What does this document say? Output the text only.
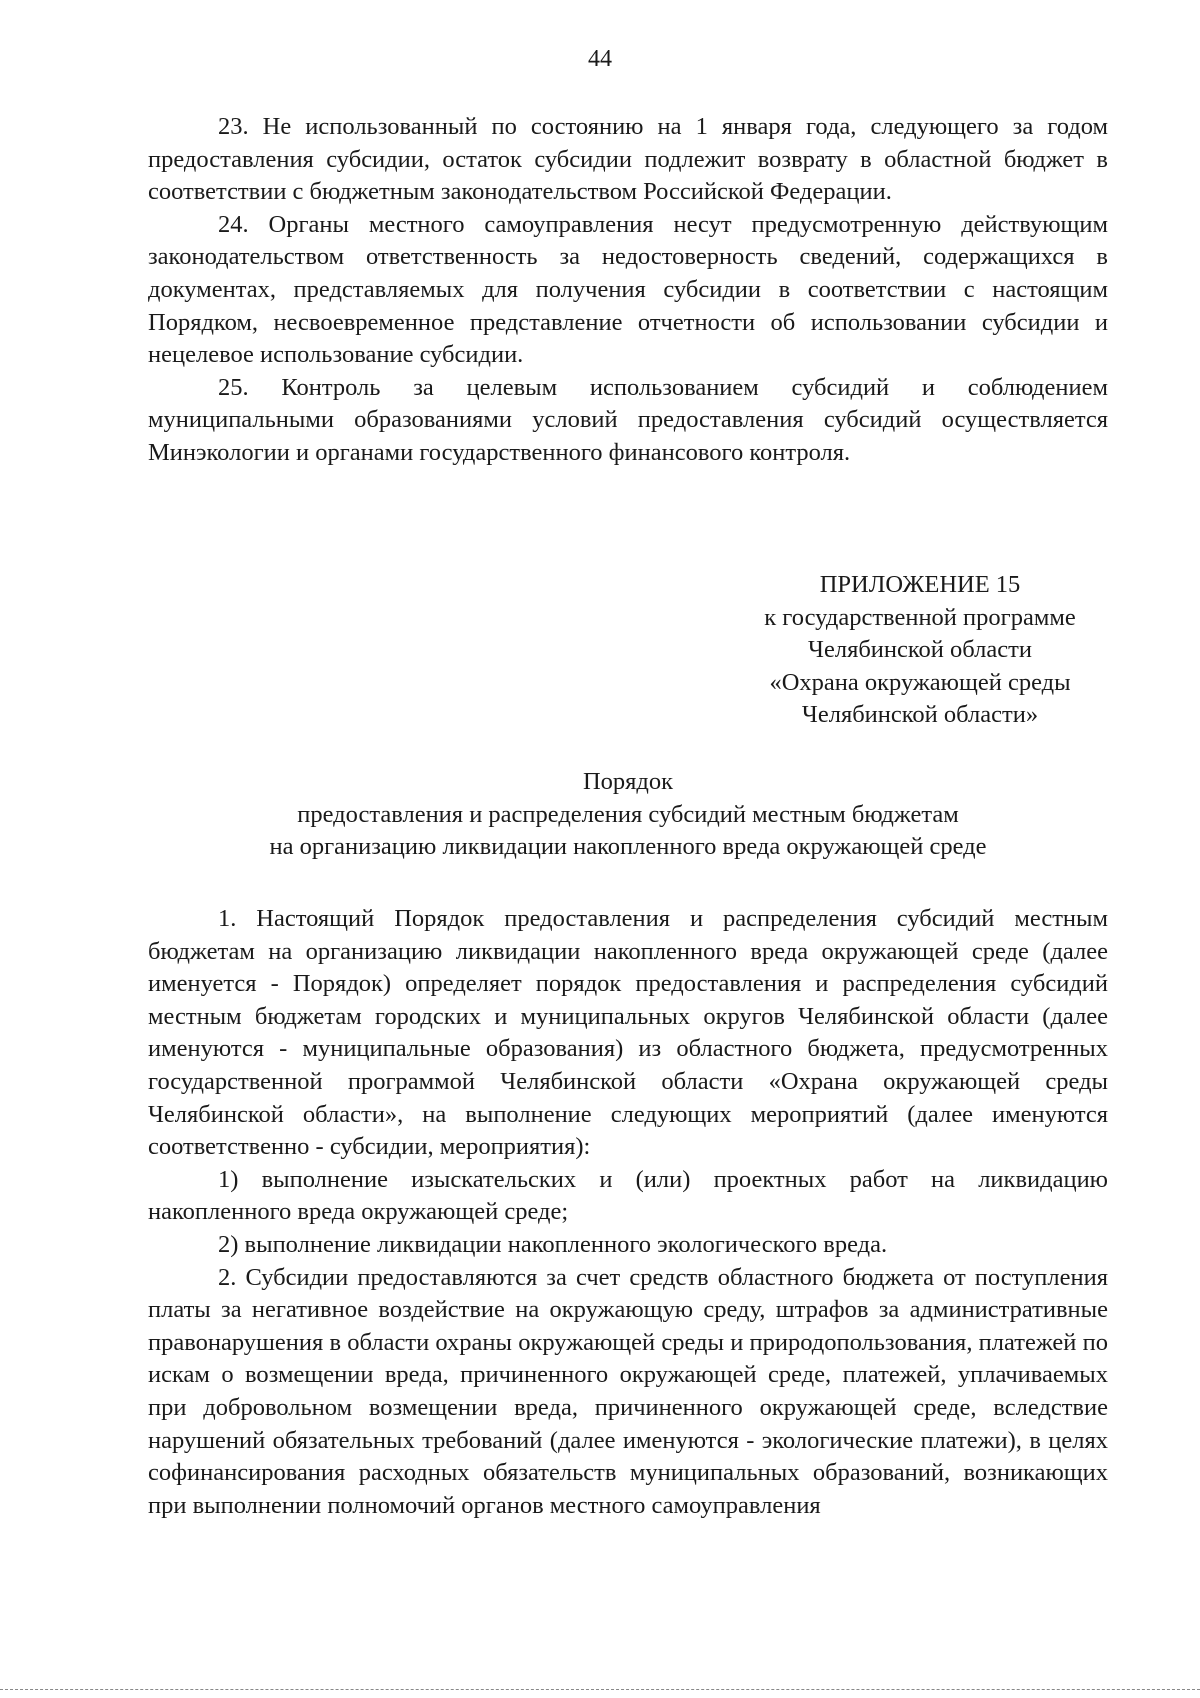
44

23. Не использованный по состоянию на 1 января года, следующего за годом предоставления субсидии, остаток субсидии подлежит возврату в областной бюджет в соответствии с бюджетным законодательством Российской Федерации.

24. Органы местного самоуправления несут предусмотренную действующим законодательством ответственность за недостоверность сведений, содержащихся в документах, представляемых для получения субсидии в соответствии с настоящим Порядком, несвоевременное представление отчетности об использовании субсидии и нецелевое использование субсидии.

25. Контроль за целевым использованием субсидий и соблюдением муниципальными образованиями условий предоставления субсидий осуществляется Минэкологии и органами государственного финансового контроля.

ПРИЛОЖЕНИЕ 15
к государственной программе
Челябинской области
«Охрана окружающей среды
Челябинской области»
Порядок
предоставления и распределения субсидий местным бюджетам
на организацию ликвидации накопленного вреда окружающей среде

1. Настоящий Порядок предоставления и распределения субсидий местным бюджетам на организацию ликвидации накопленного вреда окружающей среде (далее именуется - Порядок) определяет порядок предоставления и распределения субсидий местным бюджетам городских и муниципальных округов Челябинской области (далее именуются - муниципальные образования) из областного бюджета, предусмотренных государственной программой Челябинской области «Охрана окружающей среды Челябинской области», на выполнение следующих мероприятий (далее именуются соответственно - субсидии, мероприятия):

1) выполнение изыскательских и (или) проектных работ на ликвидацию накопленного вреда окружающей среде;

2) выполнение ликвидации накопленного экологического вреда.

2. Субсидии предоставляются за счет средств областного бюджета от поступления платы за негативное воздействие на окружающую среду, штрафов за административные правонарушения в области охраны окружающей среды и природопользования, платежей по искам о возмещении вреда, причиненного окружающей среде, платежей, уплачиваемых при добровольном возмещении вреда, причиненного окружающей среде, вследствие нарушений обязательных требований (далее именуются - экологические платежи), в целях софинансирования расходных обязательств муниципальных образований, возникающих при выполнении полномочий органов местного самоуправления
